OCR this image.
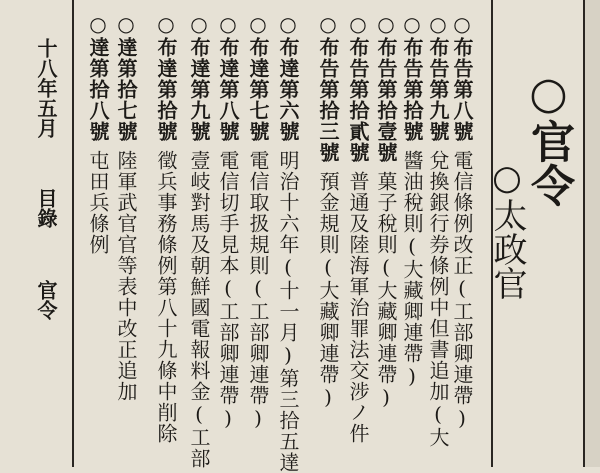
十八年五月
目錄
官令
○官令
○太政官
○布告第八號電信條例改正(工部卿連帶)
○布告第九號兌換銀行券條例中但書追加(大
○布告第拾號醬油稅則(大藏卿連帶)
○布告第拾壹號菓子稅則(大藏卿連帶)
○布告第拾貳號普通及陸海軍治罪法交涉ノ件
○布告第拾三號預金規則(大藏卿連帶)
○布達第六號明治十六年(十一月)第三拾五達
○布達第七號電信取扱規則(工部卿連帶)
○布達第八號電信切手見本(工部卿連帶)
○布達第九號壹岐對馬及朝鮮國電報料金(工部
○布達第拾號徵兵事務條例第八十九條中削除
○達第拾七號陸軍武官官等表中改正追加
○達第拾八號屯田兵條例
